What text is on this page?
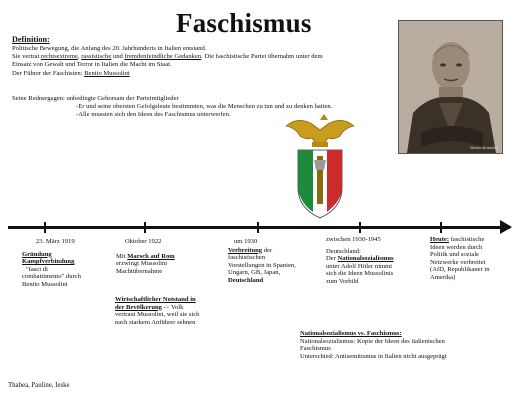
Faschismus
Definition:
Politische Bewegung, die Anfang des 20. Jahrhunderts in Italien entstand.
Sie vertrat rechtsextreme, rassistische und fremdenfeindliche Gedanken. Die faschistische Partei übernahm unter dem
Einsatz von Gewalt und Terror in Italien die Macht im Staat.
Der Führer der Faschisten: Benito Mussolini
Seine Rednergagen: unbedingte Gehorsam der Parteimitglieder
-Er und seine obersten Gefolgsleute bestimmten, was die Menschen zu tun und zu denken hatten.
-Alle mussten sich den Ideen des Faschismus unterwerfen.
Benito Mussolini
23. März 1919
Gründung
Kampfverbindung
"fasci di
combattimento" durch
Benito Mussolini
Oktober 1922
Mit Marsch auf Rom
erzwingt Mussolini
Machtübernahme
Wirtschaftlicher Notstand in
der Bevölkerung -> Volk
vertraut Mussolini, weil sie sich
nach starkem Anführer sehnen
um 1930
Verbreitung der
faschistischen
Vorstellungen in Spanien,
Ungarn, GB, Japan,
Deutschland
zwischen 1930-1945
Deutschland:
Der Nationalsozialismus
unter Adolf Hitler nimmt
sich die Ideen Mussolinis
zum Vorbild
Heute: faschistische
Ideen werden durch
Politik und soziale
Netzwerke verbreitet
(AfD, Republikaner in
Amerika)
Nationalsozialismus vs. Faschismus:
Nationalsozialismus: Kopie der Ideen des italienischen
Faschismus
Unterschied: Antisemitismus in Italien nicht ausgeprägt
Thabea, Pauline, Ieske
